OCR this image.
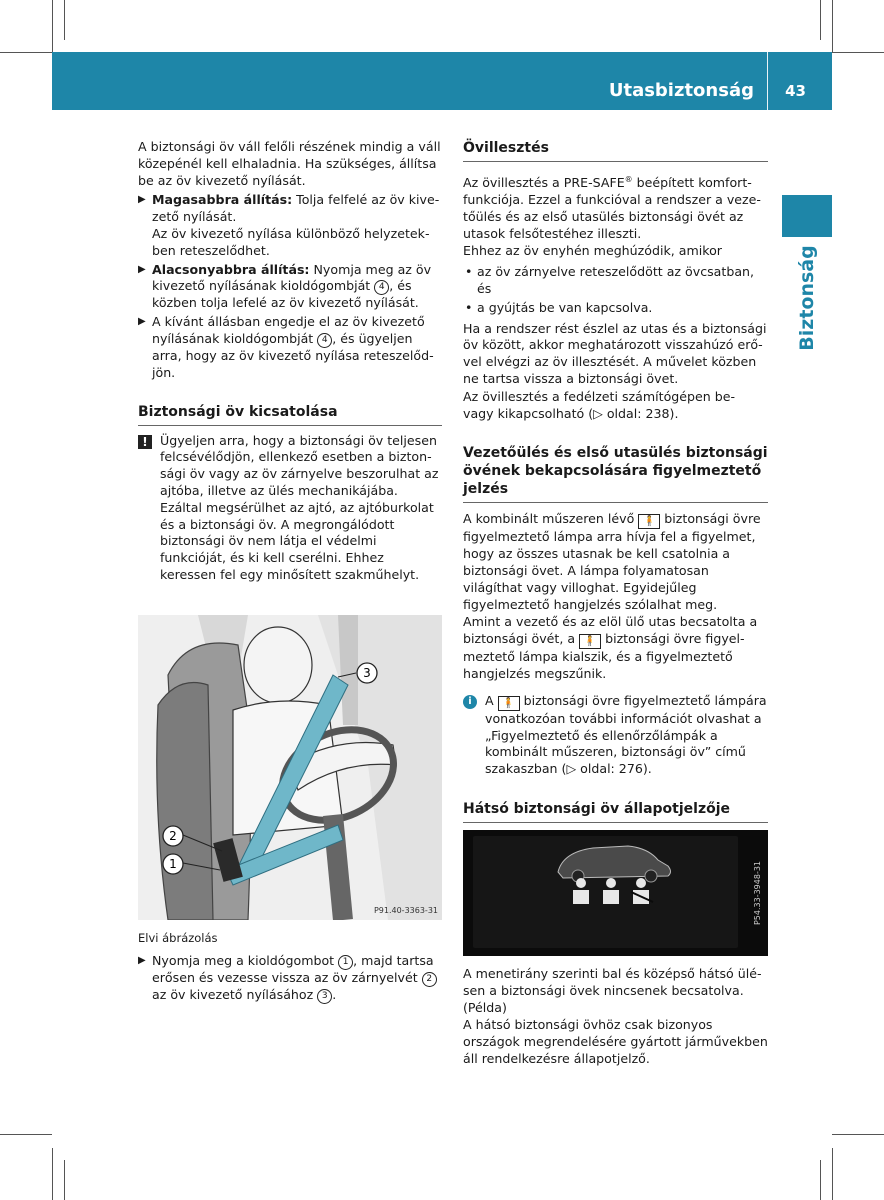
Utasbiztonság 43
Biztonság

A biztonsági öv váll felőli részének mindig a váll közepénél kell elhaladnia. Ha szükséges, állítsa be az öv kivezető nyílását.

▶ Magasabbra állítás: Tolja felfelé az öv kivezető nyílását.
Az öv kivezető nyílása különböző helyzetekben reteszelődhet.
▶ Alacsonyabbra állítás: Nyomja meg az öv kivezető nyílásának kioldógombját 4 , és közben tolja lefelé az öv kivezető nyílását.
▶ A kívánt állásban engedje el az öv kivezető nyílásának kioldógombját 4 , és ügyeljen arra, hogy az öv kivezető nyílása reteszelődjön.
Biztonsági öv kicsatolása
! Ügyeljen arra, hogy a biztonsági öv teljesen felcsévélődjön, ellenkező esetben a biztonsági öv vagy az öv zárnyelve beszorulhat az ajtóba, illetve az ülés mechanikájába. Ezáltal megsérülhet az ajtó, az ajtóburkolat és a biztonsági öv. A megrongálódott biztonsági öv nem látja el védelmi funkcióját, és ki kell cserélni. Ehhez keressen fel egy minősített szakműhelyt.
1
2
3
P91.40-3363-31

Elvi ábrázolás

▶ Nyomja meg a kioldógombot 1 , majd tartsa erősen és vezesse vissza az öv zárnyelvét 2 az öv kivezető nyílásához 3 .
Övillesztés

Az övillesztés a PRE-SAFE® beépített komfortfunkciója. Ezzel a funkcióval a rendszer a vezetőülés és az első utasülés biztonsági övét az utasok felsőtestéhez illeszti.

Ehhez az öv enyhén meghúzódik, amikor

• az öv zárnyelve reteszelődött az övcsatban, és
• a gyújtás be van kapcsolva.

Ha a rendszer rést észlel az utas és a biztonsági öv között, akkor meghatározott visszahúzó erővel elvégzi az öv illesztését. A művelet közben ne tartsa vissza a biztonsági övet.

Az övillesztés a fedélzeti számítógépen be- vagy kikapcsolható (▷ oldal: 238).

Vezetőülés és első utasülés biztonsági övének bekapcsolására figyelmeztető jelzés

A kombinált műszeren lévő 🧍 biztonsági övre figyelmeztető lámpa arra hívja fel a figyelmet, hogy az összes utasnak be kell csatolnia a biztonsági övet. A lámpa folyamatosan világíthat vagy villoghat. Egyidejűleg figyelmeztető hangjelzés szólalhat meg.

Amint a vezető és az elöl ülő utas becsatolta a biztonsági övét, a 🧍 biztonsági övre figyelmeztető lámpa kialszik, és a figyelmeztető hangjelzés megszűnik.

i	A 🧍 biztonsági övre figyelmeztető lámpára vonatkozóan további információt olvashat a „Figyelmeztető és ellenőrzőlámpák a kombinált műszeren, biztonsági öv” című szakaszban (▷ oldal: 276).
Hátsó biztonsági öv állapotjelzője
P54.33-3948-31

A menetirány szerinti bal és középső hátsó ülésen a biztonsági övek nincsenek becsatolva. (Példa)

A hátsó biztonsági övhöz csak bizonyos országok megrendelésére gyártott járművekben áll rendelkezésre állapotjelző.
